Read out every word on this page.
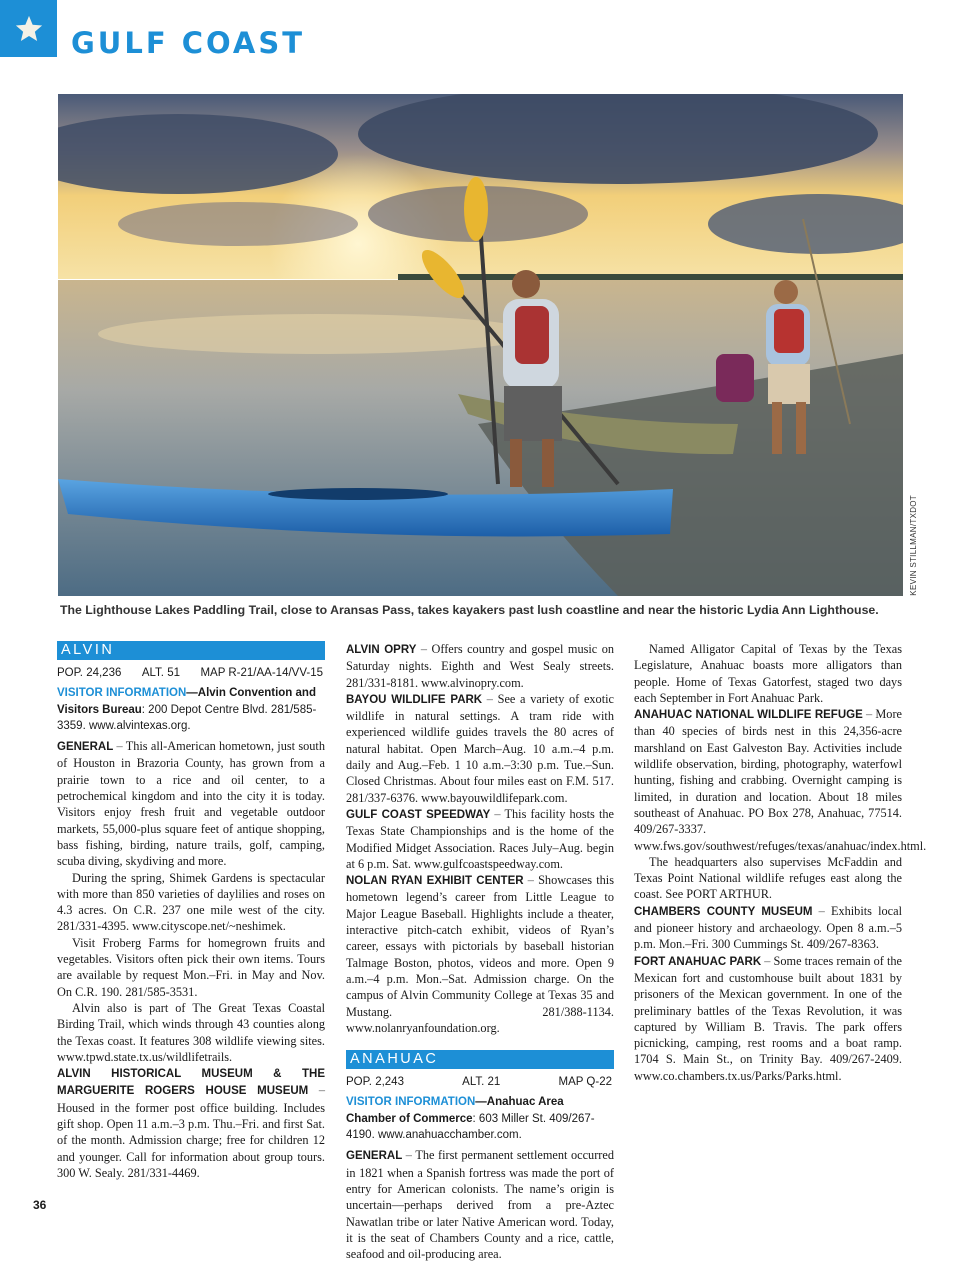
GULF COAST
KEVIN STILLMAN/TXDOT
The Lighthouse Lakes Paddling Trail, close to Aransas Pass, takes kayakers past lush coastline and near the historic Lydia Ann Lighthouse.
ALVIN
POP. 24,236 ALT. 51 MAP R-21/AA-14/VV-15
VISITOR INFORMATION—Alvin Convention and Visitors Bureau: 200 Depot Centre Blvd. 281/585-3359. www.alvintexas.org.

GENERAL – This all-American hometown, just south of Houston in Brazoria County, has grown from a prairie town to a rice and oil center, to a petrochemical kingdom and into the city it is today. Visitors enjoy fresh fruit and vegetable outdoor markets, 55,000-plus square feet of antique shopping, bass fishing, birding, nature trails, golf, camping, scuba diving, skydiving and more.

During the spring, Shimek Gardens is spectacular with more than 850 varieties of daylilies and roses on 4.3 acres. On C.R. 237 one mile west of the city. 281/331-4395. www.cityscope.net/~neshimek.

Visit Froberg Farms for homegrown fruits and vegetables. Visitors often pick their own items. Tours are available by request Mon.–Fri. in May and Nov. On C.R. 190. 281/585-3531.

Alvin also is part of The Great Texas Coastal Birding Trail, which winds through 43 counties along the Texas coast. It features 308 wildlife viewing sites. www.tpwd.state.tx.us/wildlifetrails.

ALVIN HISTORICAL MUSEUM & THE MARGUERITE ROGERS HOUSE MUSEUM – Housed in the former post office building. Includes gift shop. Open 11 a.m.–3 p.m. Thu.–Fri. and first Sat. of the month. Admission charge; free for children 12 and younger. Call for information about group tours. 300 W. Sealy. 281/331-4469.

ALVIN OPRY – Offers country and gospel music on Saturday nights. Eighth and West Sealy streets. 281/331-8181. www.alvinopry.com.

BAYOU WILDLIFE PARK – See a variety of exotic wildlife in natural settings. A tram ride with experienced wildlife guides travels the 80 acres of natural habitat. Open March–Aug. 10 a.m.–4 p.m. daily and Aug.–Feb. 1 10 a.m.–3:30 p.m. Tue.–Sun. Closed Christmas. About four miles east on F.M. 517. 281/337-6376. www.bayouwildlifepark.com.

GULF COAST SPEEDWAY – This facility hosts the Texas State Championships and is the home of the Modified Midget Association. Races July–Aug. begin at 6 p.m. Sat. www.gulfcoastspeedway.com.

NOLAN RYAN EXHIBIT CENTER – Showcases this hometown legend’s career from Little League to Major League Baseball. Highlights include a theater, interactive pitch-catch exhibit, videos of Ryan’s career, essays with pictorials by baseball historian Talmage Boston, photos, videos and more. Open 9 a.m.–4 p.m. Mon.–Sat. Admission charge. On the campus of Alvin Community College at Texas 35 and Mustang. 281/388-1134. www.nolanryanfoundation.org.

ANAHUAC
POP. 2,243	ALT. 21	MAP Q-22
VISITOR INFORMATION—Anahuac Area Chamber of Commerce: 603 Miller St. 409/267-4190. www.anahuacchamber.com.

GENERAL – The first permanent settlement occurred in 1821 when a Spanish fortress was made the port of entry for American colonists. The name’s origin is uncertain—perhaps derived from a pre-Aztec Nawatlan tribe or later Native American word. Today, it is the seat of Chambers County and a rice, cattle, seafood and oil-producing area.

Named Alligator Capital of Texas by the Texas Legislature, Anahuac boasts more alligators than people. Home of Texas Gatorfest, staged two days each September in Fort Anahuac Park.

ANAHUAC NATIONAL WILDLIFE REFUGE – More than 40 species of birds nest in this 24,356-acre marshland on East Galveston Bay. Activities include wildlife observation, birding, photography, waterfowl hunting, fishing and crabbing. Overnight camping is limited, in duration and location. About 18 miles southeast of Anahuac. PO Box 278, Anahuac, 77514. 409/267-3337. www.fws.gov/southwest/refuges/texas/anahuac/index.html.

The headquarters also supervises McFaddin and Texas Point National wildlife refuges east along the coast. See PORT ARTHUR.

CHAMBERS COUNTY MUSEUM – Exhibits local and pioneer history and archaeology. Open 8 a.m.–5 p.m. Mon.–Fri. 300 Cummings St. 409/267-8363.

FORT ANAHUAC PARK – Some traces remain of the Mexican fort and customhouse built about 1831 by prisoners of the Mexican government. In one of the preliminary battles of the Texas Revolution, it was captured by William B. Travis. The park offers picnicking, camping, rest rooms and a boat ramp. 1704 S. Main St., on Trinity Bay. 409/267-2409. www.co.chambers.tx.us/Parks/Parks.html.

36
